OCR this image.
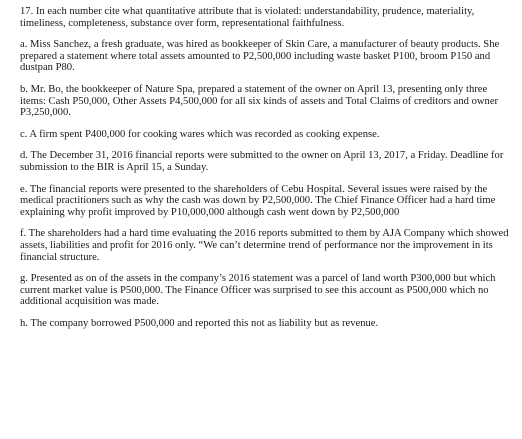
17. In each number cite what quantitative attribute that is violated: understandability, prudence, materiality, timeliness, completeness, substance over form, representational faithfulness.

a. Miss Sanchez, a fresh graduate, was hired as bookkeeper of Skin Care, a manufacturer of beauty products. She prepared a statement where total assets amounted to P2,500,000 including waste basket P100, broom P150 and dustpan P80.

b. Mr. Bo, the bookkeeper of Nature Spa, prepared a statement of the owner on April 13, presenting only three items: Cash P50,000, Other Assets P4,500,000 for all six kinds of assets and Total Claims of creditors and owner P3,250,000.

c. A firm spent P400,000 for cooking wares which was recorded as cooking expense.

d. The December 31, 2016 financial reports were submitted to the owner on April 13, 2017, a Friday. Deadline for submission to the BIR is April 15, a Sunday.

e. The financial reports were presented to the shareholders of Cebu Hospital. Several issues were raised by the medical practitioners such as why the cash was down by P2,500,000. The Chief Finance Officer had a hard time explaining why profit improved by P10,000,000 although cash went down by P2,500,000

f. The shareholders had a hard time evaluating the 2016 reports submitted to them by AJA Company which showed assets, liabilities and profit for 2016 only. “We can’t determine trend of performance nor the improvement in its financial structure.

g. Presented as on of the assets in the company’s 2016 statement was a parcel of land worth P300,000 but which current market value is P500,000. The Finance Officer was surprised to see this account as P500,000 which no additional acquisition was made.

h. The company borrowed P500,000 and reported this not as liability but as revenue.
